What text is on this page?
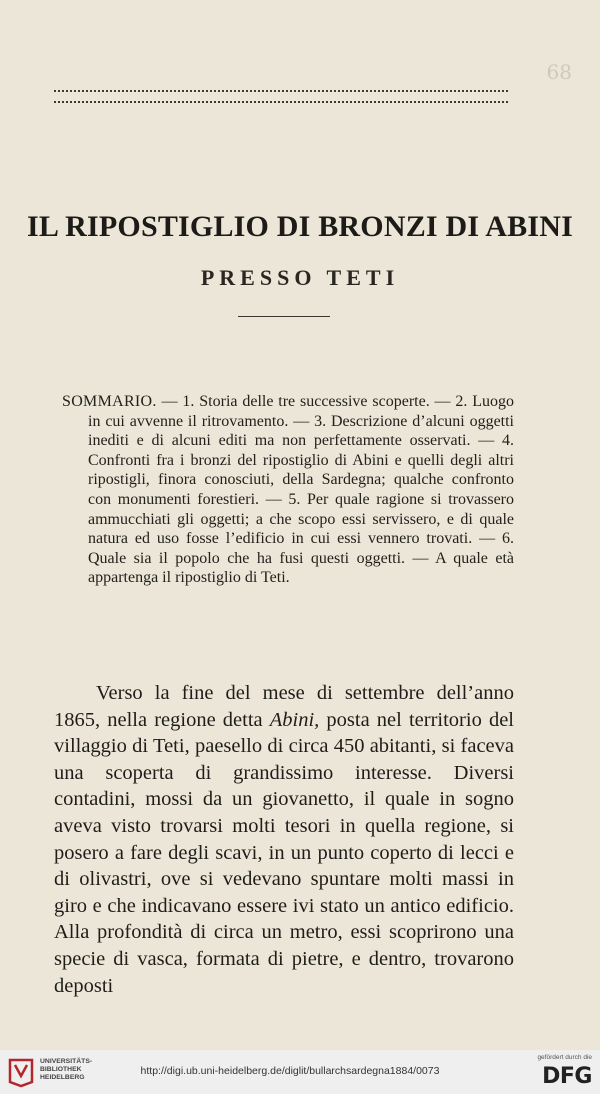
68
IL RIPOSTIGLIO DI BRONZI DI ABINI
PRESSO TETI

SOMMARIO. — 1. Storia delle tre successive scoperte. — 2. Luogo in cui avvenne il ritrovamento. — 3. Descrizione d’alcuni oggetti inediti e di alcuni editi ma non perfettamente osservati. — 4. Confronti fra i bronzi del ripostiglio di Abini e quelli degli altri ripostigli, finora conosciuti, della Sardegna; qualche confronto con monumenti forestieri. — 5. Per quale ragione si trovassero ammucchiati gli oggetti; a che scopo essi servissero, e di quale natura ed uso fosse l’edificio in cui essi vennero trovati. — 6. Quale sia il popolo che ha fusi questi oggetti. — A quale età appartenga il ripostiglio di Teti.

Verso la fine del mese di settembre dell’anno 1865, nella regione detta Abini, posta nel territorio del villaggio di Teti, paesello di circa 450 abitanti, si faceva una scoperta di grandissimo interesse. Diversi contadini, mossi da un giovanetto, il quale in sogno aveva visto trovarsi molti tesori in quella regione, si posero a fare degli scavi, in un punto coperto di lecci e di olivastri, ove si vedevano spuntare molti massi in giro e che indicavano essere ivi stato un antico edificio. Alla profondità di circa un metro, essi scoprirono una specie di vasca, formata di pietre, e dentro, trovarono deposti

UNIVERSITÄTS-
BIBLIOTHEK
HEIDELBERG

http://digi.ub.uni-heidelberg.de/diglit/bullarchsardegna1884/0073
gefördert durch die
DFG
